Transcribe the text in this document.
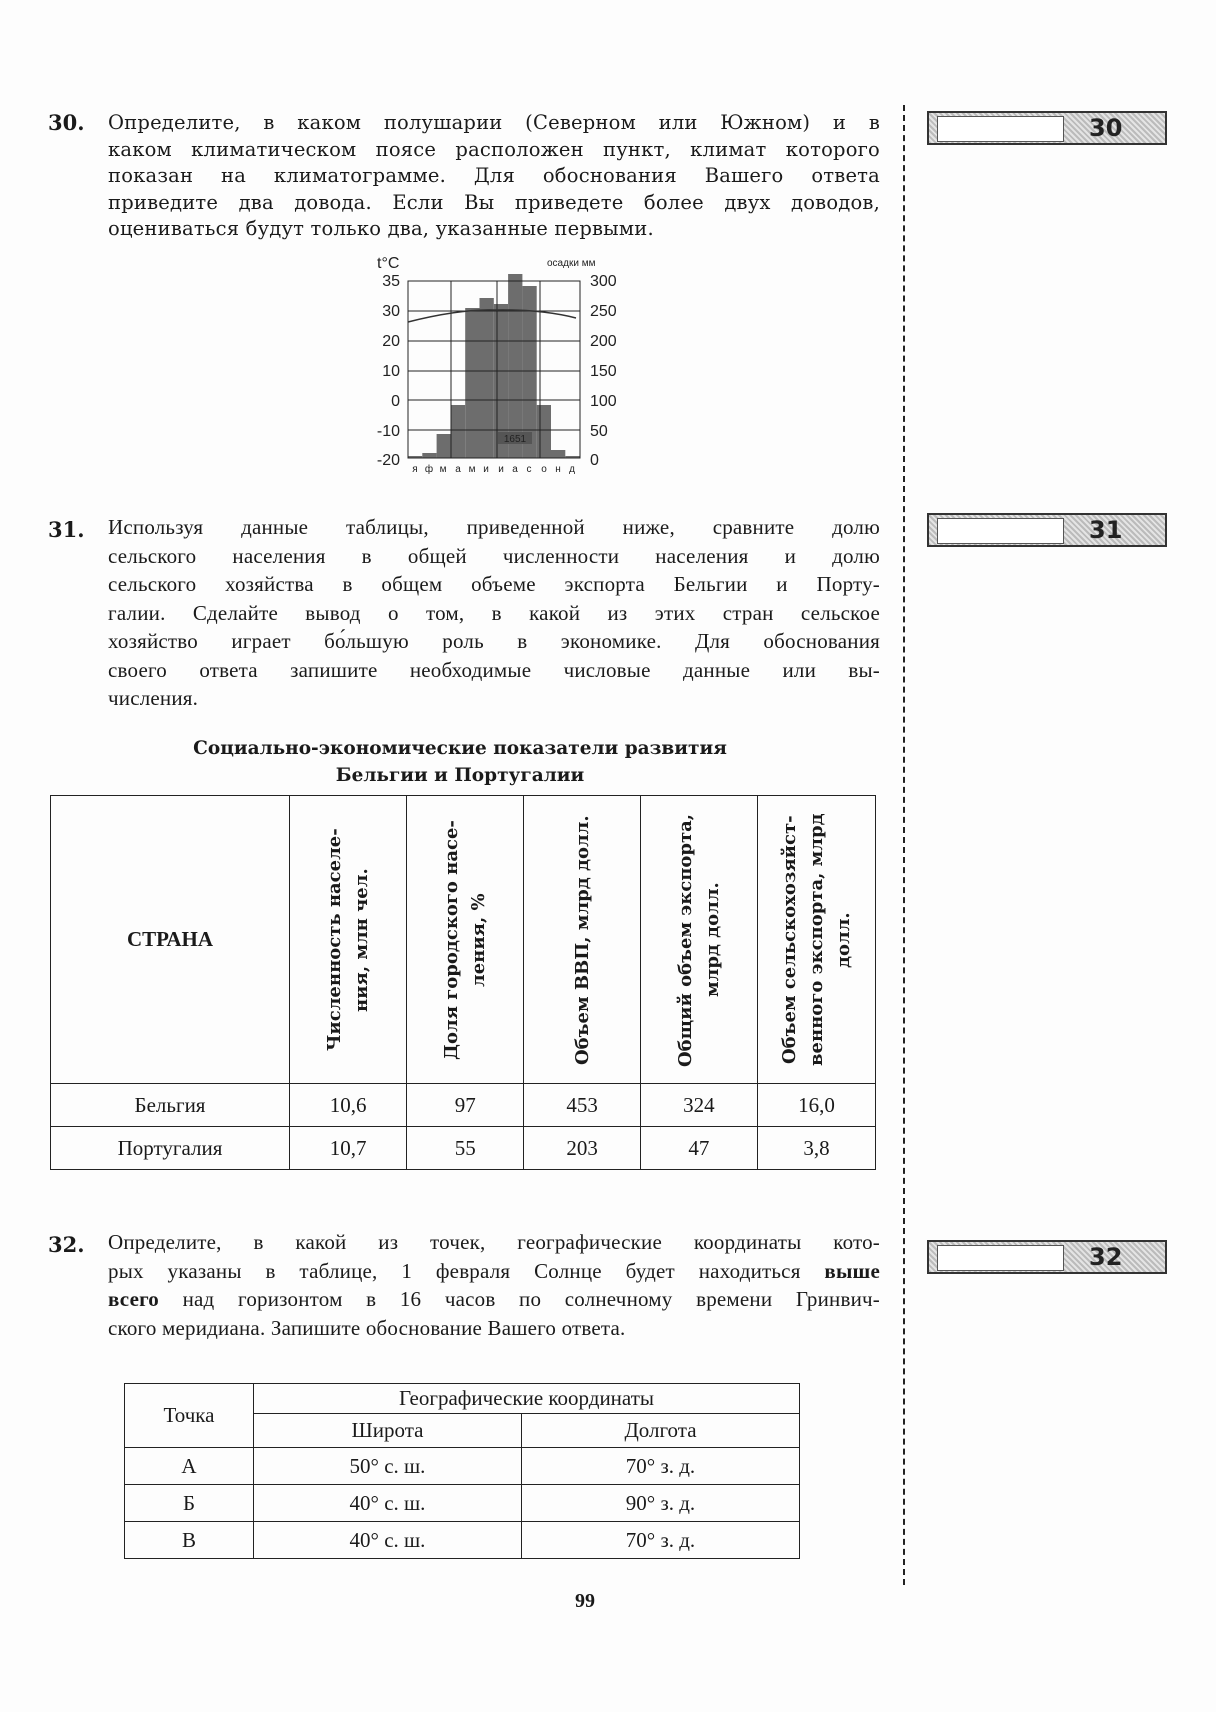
30. Определите, в каком полушарии (Северном или Южном) и в
каком климатическом поясе расположен пункт, климат которого
показан на климатограмме. Для обоснования Вашего ответа
приведите два довода. Если Вы приведете более двух доводов,
оцениваться будут только два, указанные первыми.
30
t°C	осадки мм
35
30
20
10
0
-10
-20
300
250
200
150
100
50
0
1651
я ф м а м и и а с о н д
31. Используя данные таблицы, приведенной ниже, сравните долю
сельского населения в общей численности населения и долю
сельского хозяйства в общем объеме экспорта Бельгии и Порту-
галии. Сделайте вывод о том, в какой из этих стран сельское
хозяйство играет бо́льшую роль в экономике. Для обоснования
своего ответа запишите необходимые числовые данные или вы-
числения.
31
Социально-экономические показатели развития
Бельгии и Португалии
СТРАНА	Численность населе-ния, млн чел.	Доля городского насе-ления, %	Объем ВВП, млрд долл.	Общий объем экспорта, млрд долл.	Объем сельскохозяйст-венного экспорта, млрд долл.

Бельгия	10,6	97	453	324	16,0
Португалия	10,7	55	203	47	3,8
32. Определите, в какой из точек, географические координаты кото-
рых указаны в таблице, 1 февраля Солнце будет находиться выше
всего над горизонтом в 16 часов по солнечному времени Гринвич-
ского меридиана. Запишите обоснование Вашего ответа.
32
Точка	Географические координаты	
	Широта	Долгота
А	50° с. ш.	70° з. д.
Б	40° с. ш.	90° з. д.
В	40° с. ш.	70° з. д.
99
